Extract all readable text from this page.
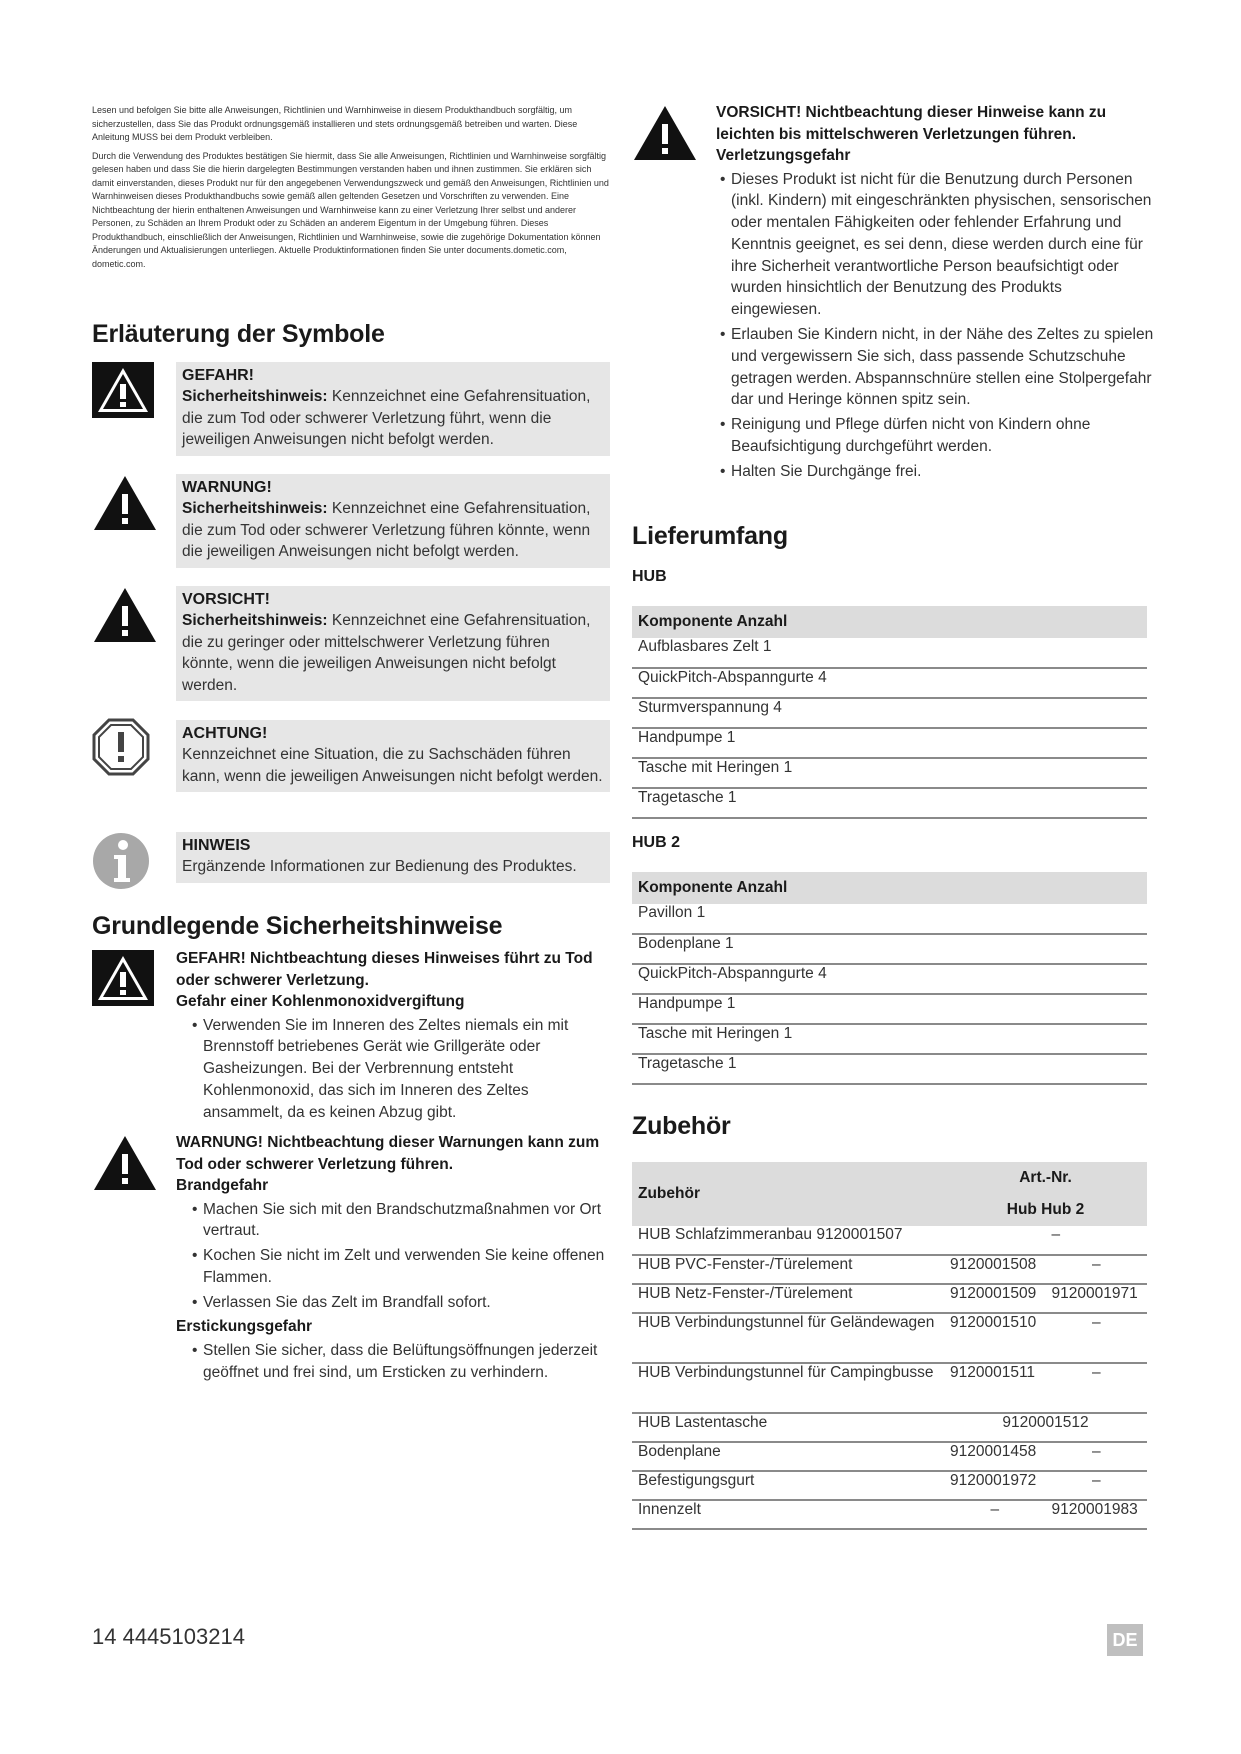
Lesen und befolgen Sie bitte alle Anweisungen, Richtlinien und Warnhinweise in diesem Produkthandbuch sorgfältig, um sicherzustellen, dass Sie das Produkt ordnungsgemäß installieren und stets ordnungsgemäß betreiben und warten. Diese Anleitung MUSS bei dem Produkt verbleiben.

Durch die Verwendung des Produktes bestätigen Sie hiermit, dass Sie alle Anweisungen, Richtlinien und Warnhinweise sorgfältig gelesen haben und dass Sie die hierin dargelegten Bestimmungen verstanden haben und ihnen zustimmen. Sie erklären sich damit einverstanden, dieses Produkt nur für den angegebenen Verwendungszweck und gemäß den Anweisungen, Richtlinien und Warnhinweisen dieses Produkthandbuchs sowie gemäß allen geltenden Gesetzen und Vorschriften zu verwenden. Eine Nichtbeachtung der hierin enthaltenen Anweisungen und Warnhinweise kann zu einer Verletzung Ihrer selbst und anderer Personen, zu Schäden an Ihrem Produkt oder zu Schäden an anderem Eigentum in der Umgebung führen. Dieses Produkthandbuch, einschließlich der Anweisungen, Richtlinien und Warnhinweise, sowie die zugehörige Dokumentation können Änderungen und Aktualisierungen unterliegen. Aktuelle Produktinformationen finden Sie unter documents.dometic.com, dometic.com.

Erläuterung der Symbole
GEFAHR!
Sicherheitshinweis: Kennzeichnet eine Gefahrensituation, die zum Tod oder schwerer Verletzung führt, wenn die jeweiligen Anweisungen nicht befolgt werden.
WARNUNG!
Sicherheitshinweis: Kennzeichnet eine Gefahrensituation, die zum Tod oder schwerer Verletzung führen könnte, wenn die jeweiligen Anweisungen nicht befolgt werden.
VORSICHT!
Sicherheitshinweis: Kennzeichnet eine Gefahrensituation, die zu geringer oder mittelschwerer Verletzung führen könnte, wenn die jeweiligen Anweisungen nicht befolgt werden.
ACHTUNG!
Kennzeichnet eine Situation, die zu Sachschäden führen kann, wenn die jeweiligen Anweisungen nicht befolgt werden.
HINWEIS
Ergänzende Informationen zur Bedienung des Produktes.
Grundlegende Sicherheitshinweise
GEFAHR! Nichtbeachtung dieses Hinweises führt zu Tod oder schwerer Verletzung.
Gefahr einer Kohlenmonoxidvergiftung
• Verwenden Sie im Inneren des Zeltes niemals ein mit Brennstoff betriebenes Gerät wie Grillgeräte oder Gasheizungen. Bei der Verbrennung entsteht Kohlenmonoxid, das sich im Inneren des Zeltes ansammelt, da es keinen Abzug gibt.
WARNUNG! Nichtbeachtung dieser Warnungen kann zum Tod oder schwerer Verletzung führen.
Brandgefahr
• Machen Sie sich mit den Brandschutzmaßnahmen vor Ort vertraut.
• Kochen Sie nicht im Zelt und verwenden Sie keine offenen Flammen.
• Verlassen Sie das Zelt im Brandfall sofort.
Erstickungsgefahr
• Stellen Sie sicher, dass die Belüftungsöffnungen jederzeit geöffnet und frei sind, um Ersticken zu verhindern.
VORSICHT! Nichtbeachtung dieser Hinweise kann zu leichten bis mittelschweren Verletzungen führen.
Verletzungsgefahr
• Dieses Produkt ist nicht für die Benutzung durch Personen (inkl. Kindern) mit eingeschränkten physischen, sensorischen oder mentalen Fähigkeiten oder fehlender Erfahrung und Kenntnis geeignet, es sei denn, diese werden durch eine für ihre Sicherheit verantwortliche Person beaufsichtigt oder wurden hinsichtlich der Benutzung des Produkts eingewiesen.
• Erlauben Sie Kindern nicht, in der Nähe des Zeltes zu spielen und vergewissern Sie sich, dass passende Schutzschuhe getragen werden. Abspannschnüre stellen eine Stolpergefahr dar und Heringe können spitz sein.
• Reinigung und Pflege dürfen nicht von Kindern ohne Beaufsichtigung durchgeführt werden.
• Halten Sie Durchgänge frei.
Lieferumfang
HUB
Komponente Anzahl
Aufblasbares Zelt 1
QuickPitch-Abspanngurte 4
Sturmverspannung 4
Handpumpe 1
Tasche mit Heringen 1
Tragetasche 1
HUB 2
Komponente Anzahl
Pavillon 1
Bodenplane 1
QuickPitch-Abspanngurte 4
Handpumpe 1
Tasche mit Heringen 1
Tragetasche 1
Zubehör
Zubehör	Art.-Nr.	
	Hub Hub 2	
HUB Schlafzimmeranbau 9120001507		–
HUB PVC-Fenster-/Türelement	9120001508	–
HUB Netz-Fenster-/Türelement	9120001509	9120001971
HUB Verbindungstunnel für Geländewagen	9120001510	–
HUB Verbindungstunnel für Campingbusse	9120001511	–
HUB Lastentasche	9120001512	
Bodenplane	9120001458	–
Befestigungsgurt	9120001972	–
Innenzelt	–	9120001983
14 4445103214	DE
